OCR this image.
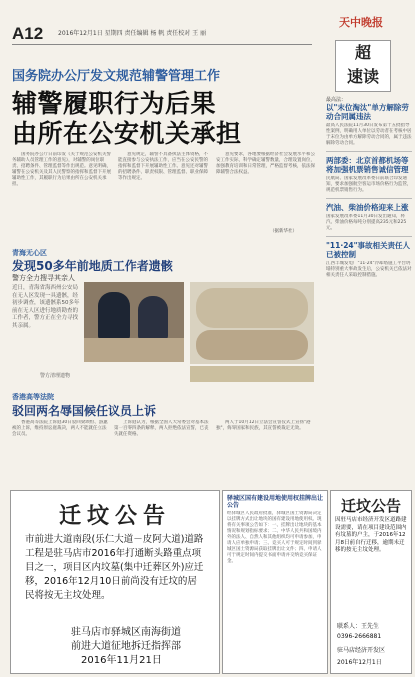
A12 2016年12月1日 星期四 责任编辑 杨 帆 责任校对 王 丽
天中晚报
超
速读
国务院办公厅发文规范辅警管理工作
辅警履职行为后果
由所在公安机关承担

国务院办公厅日前印发《关于规范公安机关警务辅助人员管理工作的意见》，对辅警的岗位职责、招聘条件、管理监督等作出规范。意见明确，辅警在公安机关及其人民警察的指挥和监督下开展辅助性工作，其履职行为后果由所在公安机关承担。

意见规定，辅警不具备执法主体资格，不能直接参与公安执法工作，应当在公安民警的指挥和监督下开展辅助性工作。意见还对辅警的招聘条件、职责权限、管理监督、职业保障等作出规定。

意见要求，各地要根据经济社会发展水平和公安工作实际，科学确定辅警数量，合理设置岗位，加强教育培训和日常管理，严格监督考核，依法保障辅警合法权益。

（据新华社）
最高法：
以"末位淘汰"单方解除劳动合同属违法
最高人民法院11月30日发布第十五批指导性案例，明确用人单位以劳动者在考核中居于末位为由单方解除劳动合同的，属于违法解除劳动合同。
两部委：北京首都机场等将加强机票销售诚信管理
民航局、国家发展改革委日前联合印发通知，要求加强航空客运市场价格行为监管，规范机票销售行为。
汽油、柴油价格迎来上涨
国家发展改革委11月30日发出通知，将汽、柴油价格每吨分别提高235元和225元。
"11·24"事故相关责任人已被控制
江西丰城发电厂"11·24"冷却塔施工平台坍塌特别重大事故发生后，公安机关已依法对相关责任人采取控制措施。
青海无心区
发现50多年前地质工作者遗骸
警方全力搜寻其亲人
近日，青海省海西州公安局在无人区发现一具遗骸，经初步调查，该遗骸系50多年前在无人区进行地质勘查的工作者，警方正在全力寻找其亲属。
警方清理遗物
香港高等法院
驳回两名辱国候任议员上诉

香港高等法院上诉庭30日驳回梁颂恒、游蕙祯的上诉，维持原讼庭裁决，两人不能就任立法会议员。

上诉庭认为，根据全国人大常委会对基本法第一百零四条的解释，两人拒绝依法宣誓，已丧失就任资格。

两人于10月12日立法会宣誓仪式上宣扬"港独"，侮辱国家和民族，其宣誓被裁定无效。

迁坟公告
市前进大道南段(乐仁大道－皮阿大道)道路工程是驻马店市2016年打通断头路重点项目之一，项目区内坟墓(集中迁葬区外)应迁移，2016年12月10日前尚没有迁坟的居民将按无主坟处理。
驻马店市驿城区南海街道
前进大道征地拆迁指挥部
2016年11月21日
驿城区国有建设用地使用权挂牌出让公告
经驿城区人民政府批准，驿城区国土资源局决定以挂牌方式出让地块的国有建设用地使用权。现将有关事项公告如下：一、挂牌出让地块的基本情况和规划指标要求；二、中华人民共和国境内外的法人、自然人和其他组织均可申请参加，申请人应单独申请；三、竞买人可于规定时间到驿城区国土资源局获取挂牌出让文件；四、申请人可于规定时间内提交书面申请并交纳竞买保证金。
迁坟公告
因驻马店市经济开发区道路建设需要，请在项目建设范围内有坟墓的户主，于2016年12月8日前自行迁移，逾期未迁移的按无主坟处理。
联系人：王先生
0396-2666881
驻马店经济开发区
2016年12月1日
